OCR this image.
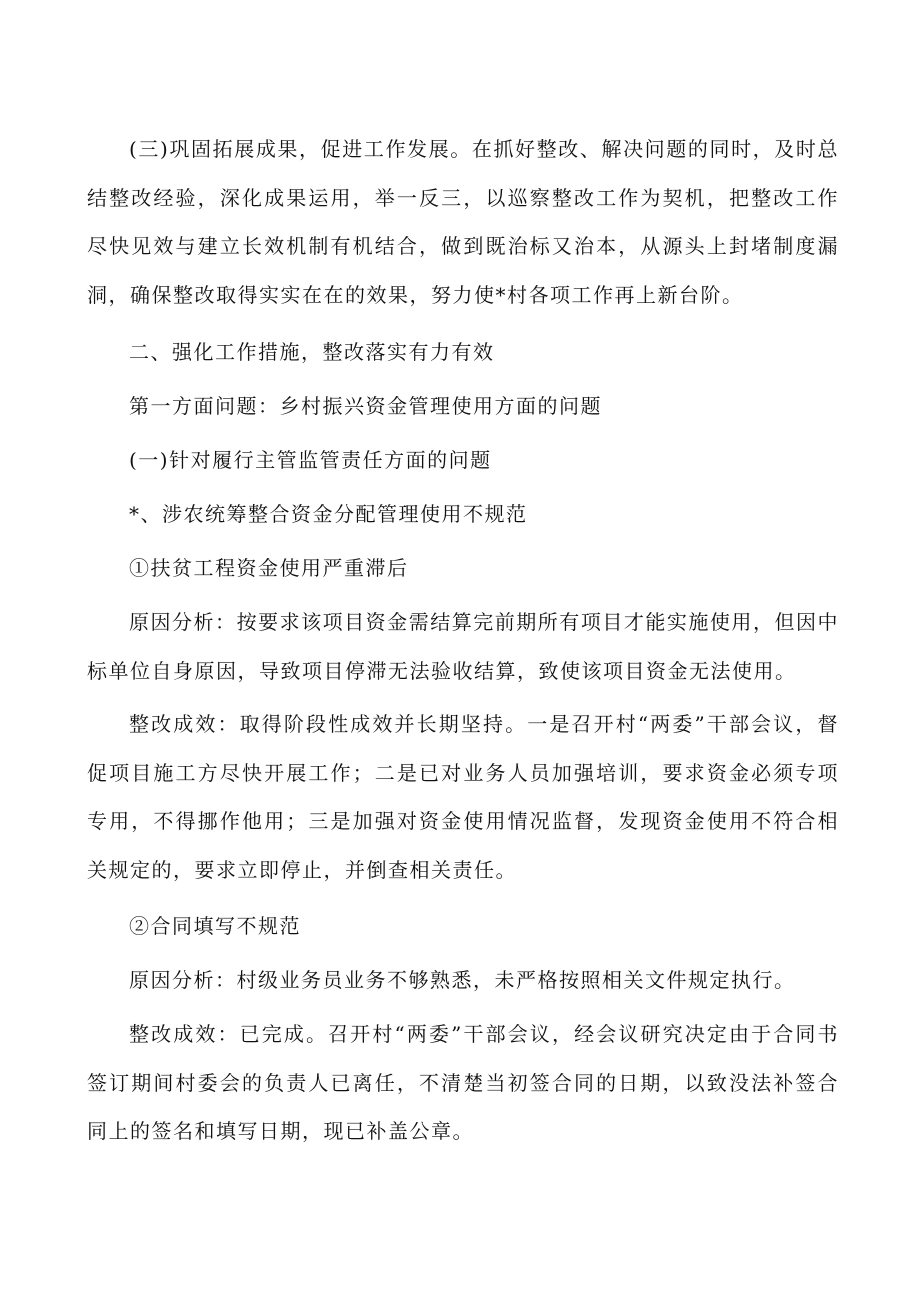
(三)巩固拓展成果，促进工作发展。在抓好整改、解决问题的同时，及时总结整改经验，深化成果运用，举一反三，以巡察整改工作为契机，把整改工作尽快见效与建立长效机制有机结合，做到既治标又治本，从源头上封堵制度漏洞，确保整改取得实实在在的效果，努力使*村各项工作再上新台阶。

二、强化工作措施，整改落实有力有效

第一方面问题：乡村振兴资金管理使用方面的问题

(一)针对履行主管监管责任方面的问题

*、涉农统筹整合资金分配管理使用不规范

①扶贫工程资金使用严重滞后

原因分析：按要求该项目资金需结算完前期所有项目才能实施使用，但因中标单位自身原因，导致项目停滞无法验收结算，致使该项目资金无法使用。

整改成效：取得阶段性成效并长期坚持。一是召开村“两委”干部会议，督促项目施工方尽快开展工作；二是已对业务人员加强培训，要求资金必须专项专用，不得挪作他用；三是加强对资金使用情况监督，发现资金使用不符合相关规定的，要求立即停止，并倒查相关责任。

②合同填写不规范

原因分析：村级业务员业务不够熟悉，未严格按照相关文件规定执行。

整改成效：已完成。召开村“两委”干部会议，经会议研究决定由于合同书签订期间村委会的负责人已离任，不清楚当初签合同的日期，以致没法补签合同上的签名和填写日期，现已补盖公章。
